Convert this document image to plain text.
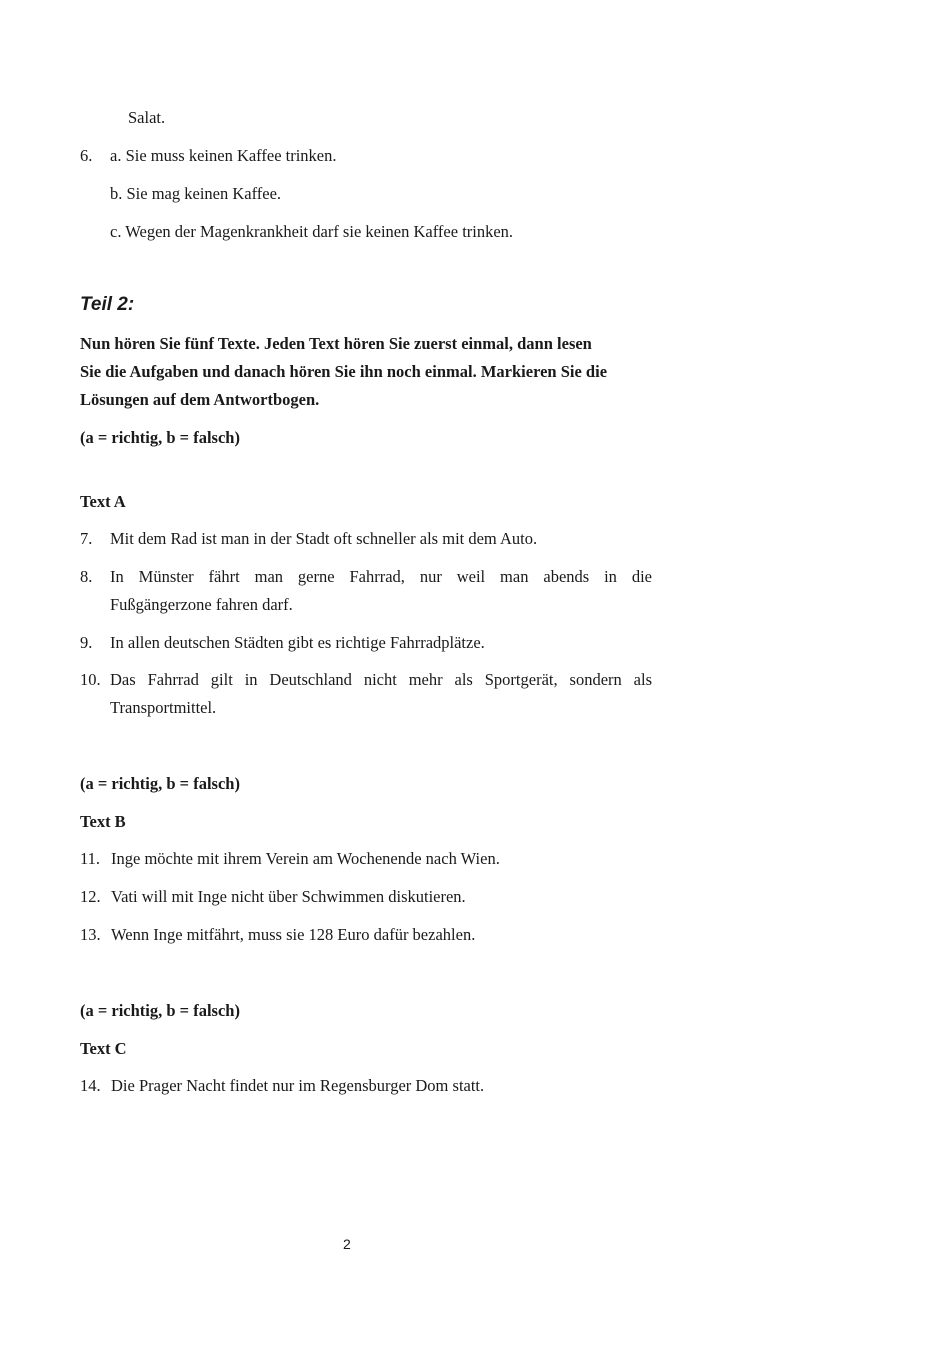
Salat.
6. a. Sie muss keinen Kaffee trinken.
b. Sie mag keinen Kaffee.
c. Wegen der Magenkrankheit darf sie keinen Kaffee trinken.
Teil 2:
Nun hören Sie fünf Texte. Jeden Text hören Sie zuerst einmal, dann lesen
Sie die Aufgaben und danach hören Sie ihn noch einmal. Markieren Sie die
Lösungen auf dem Antwortbogen.
(a = richtig, b = falsch)
Text A
7. Mit dem Rad ist man in der Stadt oft schneller als mit dem Auto.
8. In Münster fährt man gerne Fahrrad, nur weil man abends in die
Fußgängerzone fahren darf.
9. In allen deutschen Städten gibt es richtige Fahrradplätze.
10. Das Fahrrad gilt in Deutschland nicht mehr als Sportgerät, sondern als
Transportmittel.
(a = richtig, b = falsch)
Text B
11. Inge möchte mit ihrem Verein am Wochenende nach Wien.
12. Vati will mit Inge nicht über Schwimmen diskutieren.
13. Wenn Inge mitfährt, muss sie 128 Euro dafür bezahlen.
(a = richtig, b = falsch)
Text C
14. Die Prager Nacht findet nur im Regensburger Dom statt.
2
